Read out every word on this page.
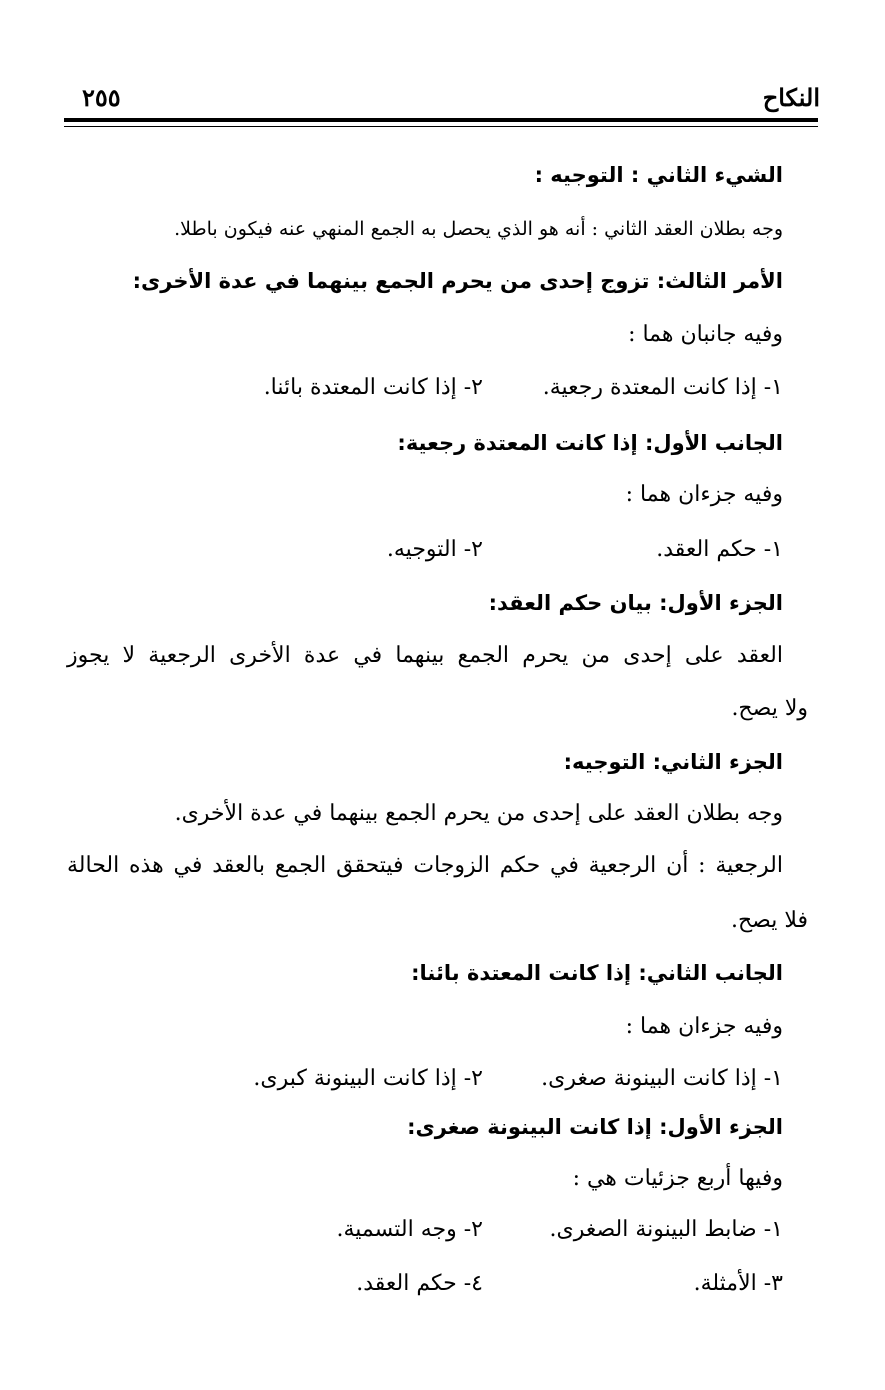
النكاح
٢٥٥
الشيء الثاني : التوجيه :
وجه بطلان العقد الثاني : أنه هو الذي يحصل به الجمع المنهي عنه فيكون باطلا.
الأمر الثالث: تزوج إحدى من يحرم الجمع بينهما في عدة الأخرى:
وفيه جانبان هما :
١- إذا كانت المعتدة رجعية.
٢- إذا كانت المعتدة بائنا.
الجانب الأول: إذا كانت المعتدة رجعية:
وفيه جزءان هما :
١- حكم العقد.
٢- التوجيه.
الجزء الأول: بيان حكم العقد:
العقد على إحدى من يحرم الجمع بينهما في عدة الأخرى الرجعية لا يجوز
ولا يصح.
الجزء الثاني: التوجيه:
وجه بطلان العقد على إحدى من يحرم الجمع بينهما في عدة الأخرى.
الرجعية : أن الرجعية في حكم الزوجات فيتحقق الجمع بالعقد في هذه الحالة
فلا يصح.
الجانب الثاني: إذا كانت المعتدة بائنا:
وفيه جزءان هما :
١- إذا كانت البينونة صغرى.
٢- إذا كانت البينونة كبرى.
الجزء الأول: إذا كانت البينونة صغرى:
وفيها أربع جزئيات هي :
١- ضابط البينونة الصغرى.
٢- وجه التسمية.
٣- الأمثلة.
٤- حكم العقد.
